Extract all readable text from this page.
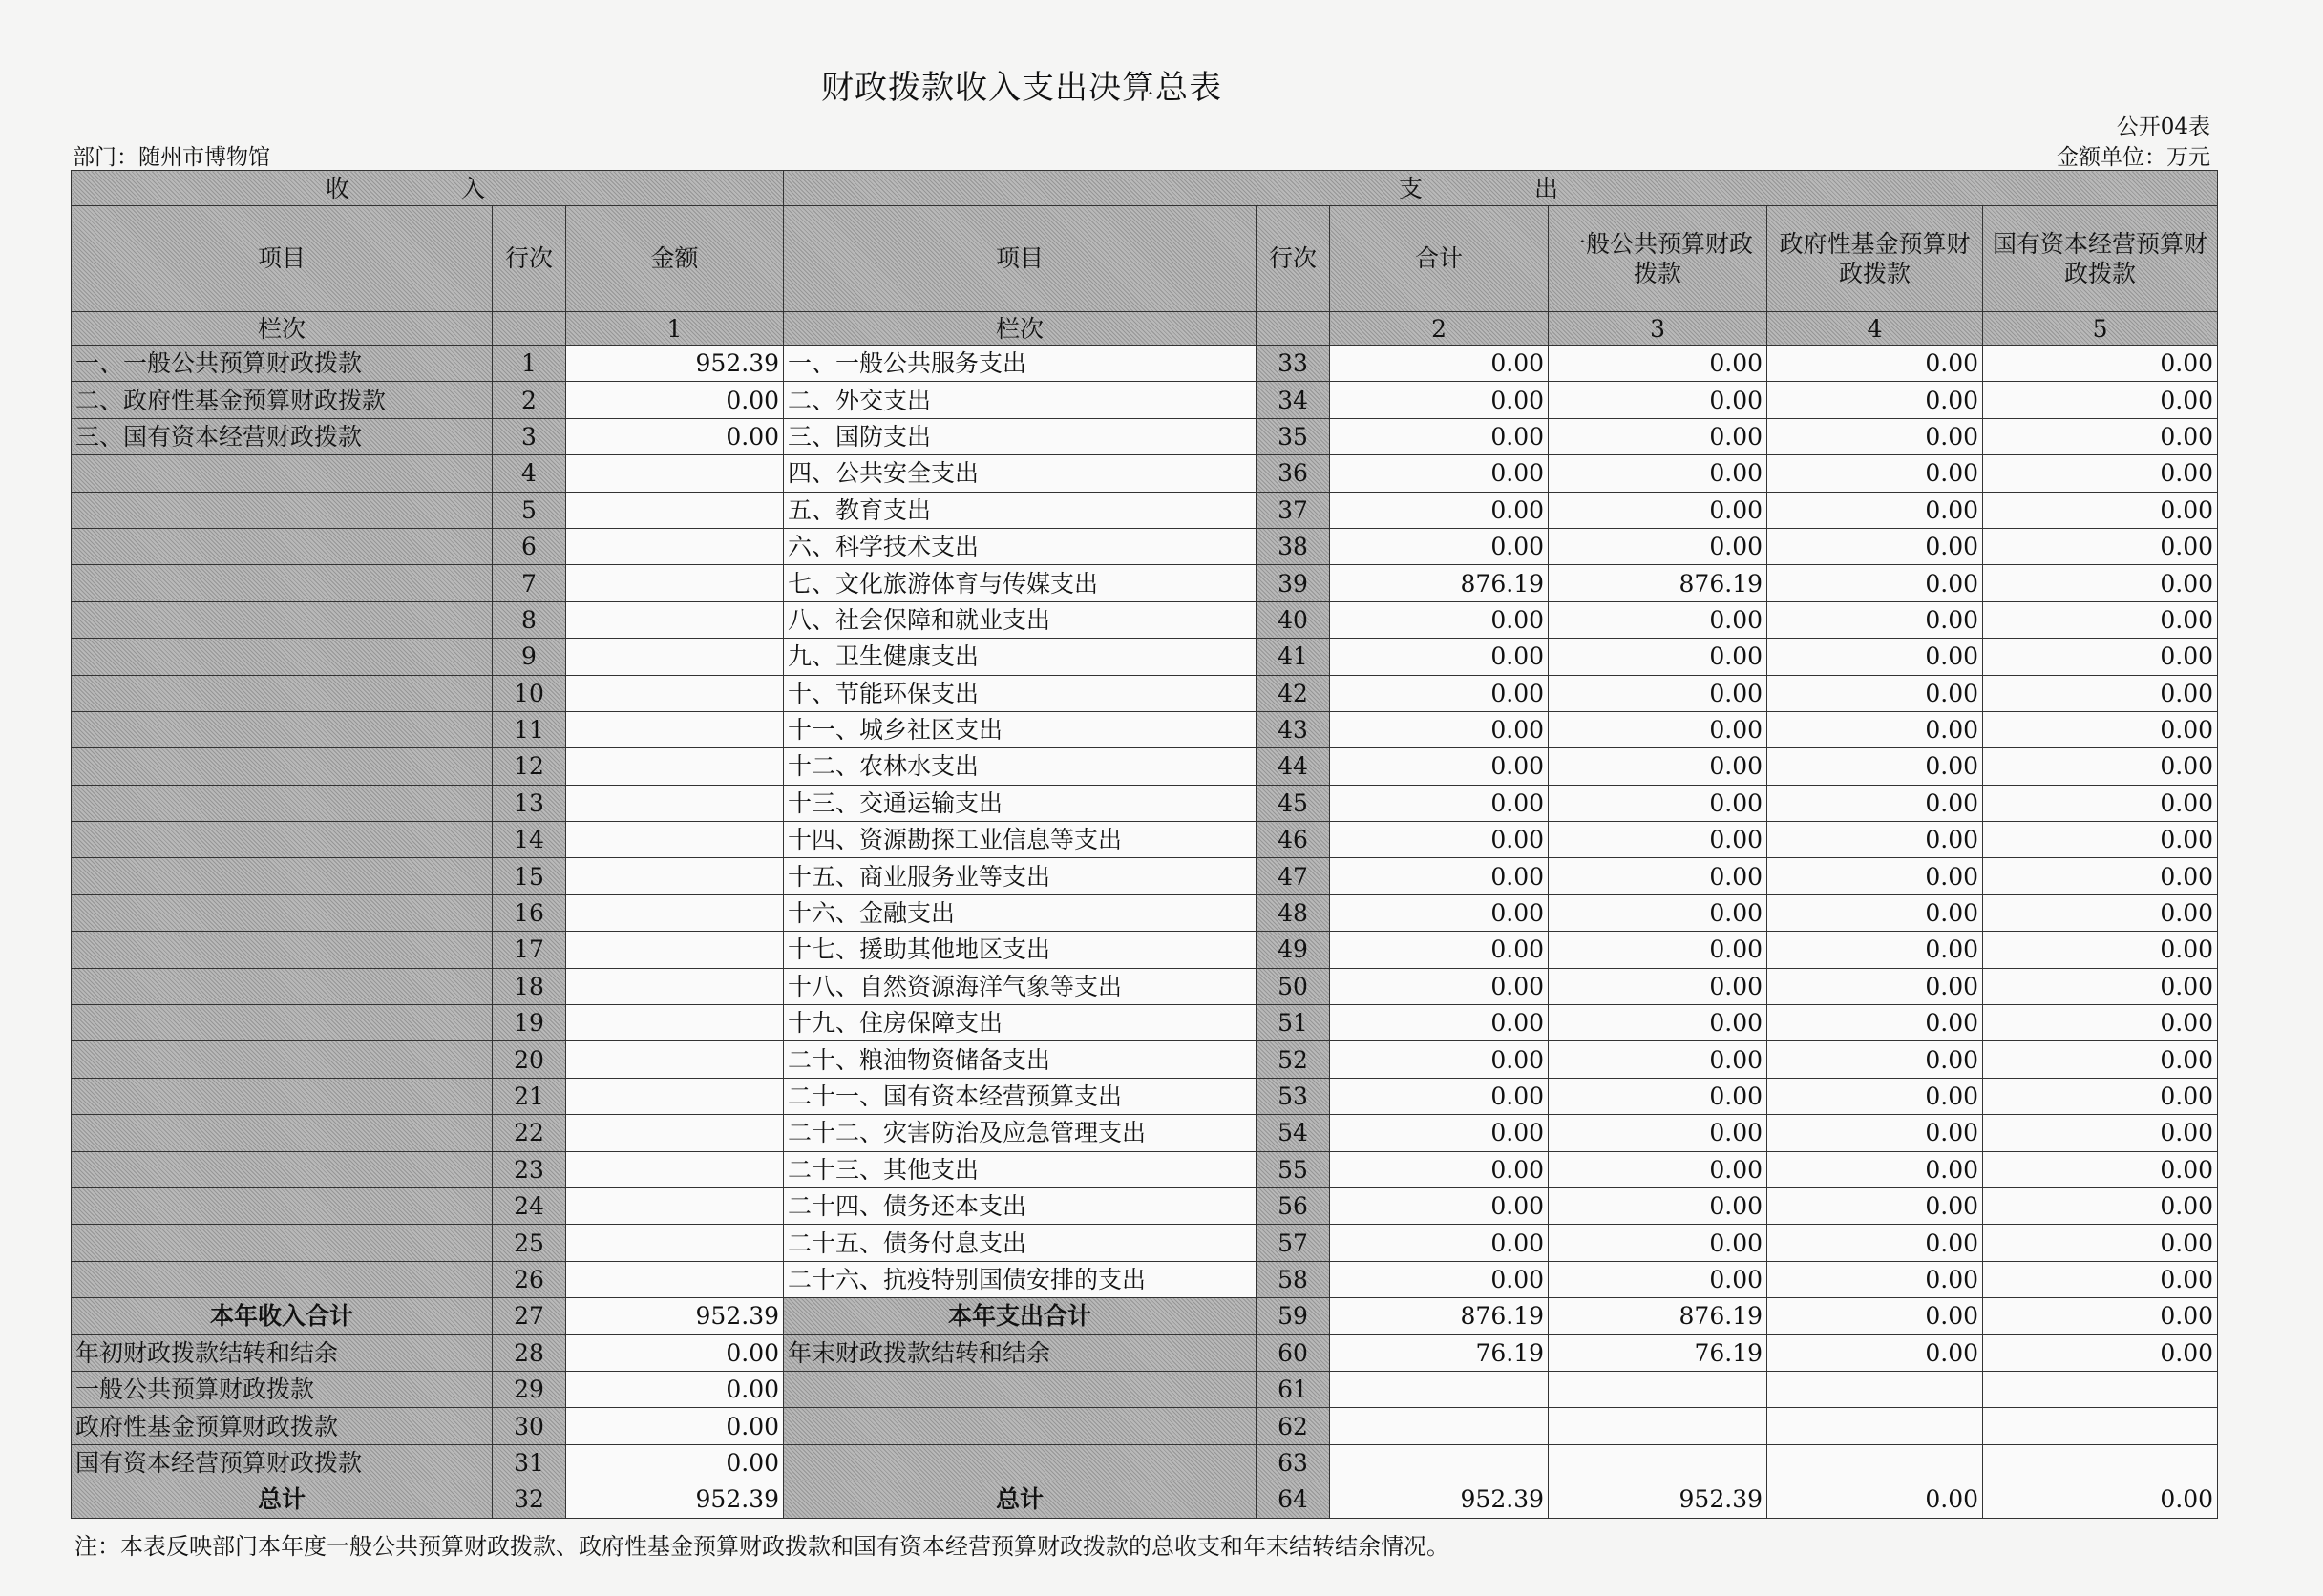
财政拨款收入支出决算总表
公开04表
部门：随州市博物馆	金额单位：万元
收　入			支　出					
项目	行次	金额	项目	行次	合计	一般公共预算财政拨款	政府性基金预算财政拨款	国有资本经营预算财政拨款
栏次		1	栏次		2	3	4	5
一、一般公共预算财政拨款	1	952.39	一、一般公共服务支出	33	0.00	0.00	0.00	0.00
二、政府性基金预算财政拨款	2	0.00	二、外交支出	34	0.00	0.00	0.00	0.00
三、国有资本经营财政拨款	3	0.00	三、国防支出	35	0.00	0.00	0.00	0.00
	4		四、公共安全支出	36	0.00	0.00	0.00	0.00
	5		五、教育支出	37	0.00	0.00	0.00	0.00
	6		六、科学技术支出	38	0.00	0.00	0.00	0.00
	7		七、文化旅游体育与传媒支出	39	876.19	876.19	0.00	0.00
	8		八、社会保障和就业支出	40	0.00	0.00	0.00	0.00
	9		九、卫生健康支出	41	0.00	0.00	0.00	0.00
	10		十、节能环保支出	42	0.00	0.00	0.00	0.00
	11		十一、城乡社区支出	43	0.00	0.00	0.00	0.00
	12		十二、农林水支出	44	0.00	0.00	0.00	0.00
	13		十三、交通运输支出	45	0.00	0.00	0.00	0.00
	14		十四、资源勘探工业信息等支出	46	0.00	0.00	0.00	0.00
	15		十五、商业服务业等支出	47	0.00	0.00	0.00	0.00
	16		十六、金融支出	48	0.00	0.00	0.00	0.00
	17		十七、援助其他地区支出	49	0.00	0.00	0.00	0.00
	18		十八、自然资源海洋气象等支出	50	0.00	0.00	0.00	0.00
	19		十九、住房保障支出	51	0.00	0.00	0.00	0.00
	20		二十、粮油物资储备支出	52	0.00	0.00	0.00	0.00
	21		二十一、国有资本经营预算支出	53	0.00	0.00	0.00	0.00
	22		二十二、灾害防治及应急管理支出	54	0.00	0.00	0.00	0.00
	23		二十三、其他支出	55	0.00	0.00	0.00	0.00
	24		二十四、债务还本支出	56	0.00	0.00	0.00	0.00
	25		二十五、债务付息支出	57	0.00	0.00	0.00	0.00
	26		二十六、抗疫特别国债安排的支出	58	0.00	0.00	0.00	0.00
本年收入合计	27	952.39	本年支出合计	59	876.19	876.19	0.00	0.00
年初财政拨款结转和结余	28	0.00	年末财政拨款结转和结余	60	76.19	76.19	0.00	0.00
一般公共预算财政拨款	29	0.00		61				
政府性基金预算财政拨款	30	0.00		62				
国有资本经营预算财政拨款	31	0.00		63				
总计	32	952.39	总计	64	952.39	952.39	0.00	0.00
注：本表反映部门本年度一般公共预算财政拨款、政府性基金预算财政拨款和国有资本经营预算财政拨款的总收支和年末结转结余情况。
